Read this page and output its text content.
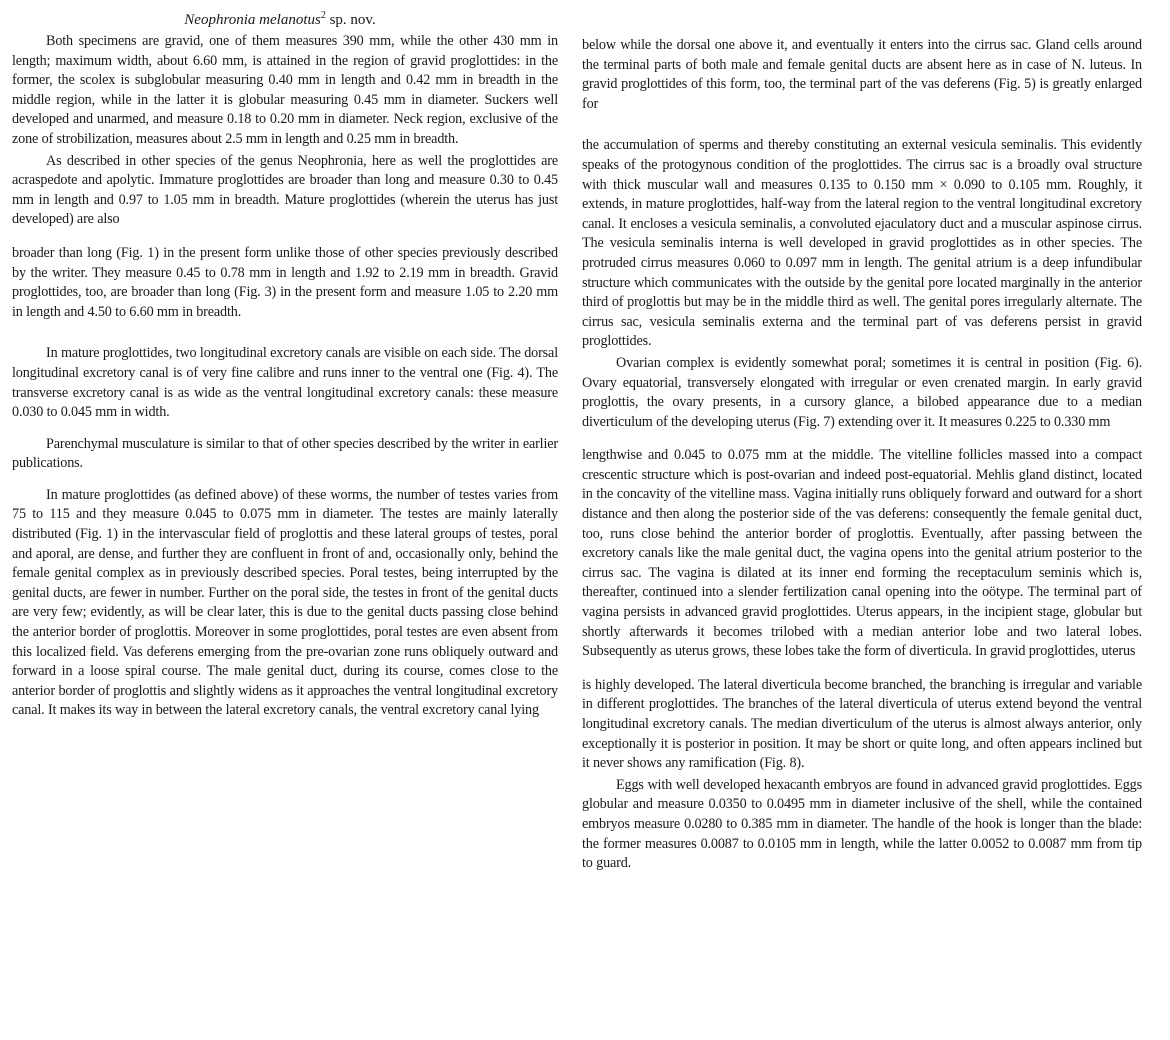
Neophronia melanotus$^2$ sp. nov.

Both specimens are gravid, one of them measures 390 mm, while the other 430 mm in length; maximum width, about 6.60 mm, is attained in the region of gravid proglottides: in the former, the scolex is subglobular measuring 0.40 mm in length and 0.42 mm in breadth in the middle region, while in the latter it is globular measuring 0.45 mm in diameter. Suckers well developed and unarmed, and measure 0.18 to 0.20 mm in diameter. Neck region, exclusive of the zone of strobilization, measures about 2.5 mm in length and 0.25 mm in breadth.

As described in other species of the genus Neophronia, here as well the proglottides are acraspedote and apolytic. Immature proglottides are broader than long and measure 0.30 to 0.45 mm in length and 0.97 to 1.05 mm in breadth. Mature proglottides (wherein the uterus has just developed) are also

broader than long (Fig. 1) in the present form unlike those of other species previously described by the writer. They measure 0.45 to 0.78 mm in length and 1.92 to 2.19 mm in breadth. Gravid proglottides, too, are broader than long (Fig. 3) in the present form and measure 1.05 to 2.20 mm in length and 4.50 to 6.60 mm in breadth.

In mature proglottides, two longitudinal excretory canals are visible on each side. The dorsal longitudinal excretory canal is of very fine calibre and runs inner to the ventral one (Fig. 4). The transverse excretory canal is as wide as the ventral longitudinal excretory canals: these measure 0.030 to 0.045 mm in width.

Parenchymal musculature is similar to that of other species described by the writer in earlier publications.

In mature proglottides (as defined above) of these worms, the number of testes varies from 75 to 115 and they measure 0.045 to 0.075 mm in diameter. The testes are mainly laterally distributed (Fig. 1) in the intervascular field of proglottis and these lateral groups of testes, poral and aporal, are dense, and further they are confluent in front of and, occasionally only, behind the female genital complex as in previously described species. Poral testes, being interrupted by the genital ducts, are fewer in number. Further on the poral side, the testes in front of the genital ducts are very few; evidently, as will be clear later, this is due to the genital ducts passing close behind the anterior border of proglottis. Moreover in some proglottides, poral testes are even absent from this localized field. Vas deferens emerging from the pre-ovarian zone runs obliquely outward and forward in a loose spiral course. The male genital duct, during its course, comes close to the anterior border of proglottis and slightly widens as it approaches the ventral longitudinal excretory canal. It makes its way in between the lateral excretory canals, the ventral excretory canal lying

below while the dorsal one above it, and eventually it enters into the cirrus sac. Gland cells around the terminal parts of both male and female genital ducts are absent here as in case of N. luteus. In gravid proglottides of this form, too, the terminal part of the vas deferens (Fig. 5) is greatly enlarged for

the accumulation of sperms and thereby constituting an external vesicula seminalis. This evidently speaks of the protogynous condition of the proglottides. The cirrus sac is a broadly oval structure with thick muscular wall and measures 0.135 to 0.150 mm × 0.090 to 0.105 mm. Roughly, it extends, in mature proglottides, half-way from the lateral region to the ventral longitudinal excretory canal. It encloses a vesicula seminalis, a convoluted ejaculatory duct and a muscular aspinose cirrus. The vesicula seminalis interna is well developed in gravid proglottides as in other species. The protruded cirrus measures 0.060 to 0.097 mm in length. The genital atrium is a deep infundibular structure which communicates with the outside by the genital pore located marginally in the anterior third of proglottis but may be in the middle third as well. The genital pores irregularly alternate. The cirrus sac, vesicula seminalis externa and the terminal part of vas deferens persist in gravid proglottides.

Ovarian complex is evidently somewhat poral; sometimes it is central in position (Fig. 6). Ovary equatorial, transversely elongated with irregular or even crenated margin. In early gravid proglottis, the ovary presents, in a cursory glance, a bilobed appearance due to a median diverticulum of the developing uterus (Fig. 7) extending over it. It measures 0.225 to 0.330 mm

lengthwise and 0.045 to 0.075 mm at the middle. The vitelline follicles massed into a compact crescentic structure which is post-ovarian and indeed post-equatorial. Mehlis gland distinct, located in the concavity of the vitelline mass. Vagina initially runs obliquely forward and outward for a short distance and then along the posterior side of the vas deferens: consequently the female genital duct, too, runs close behind the anterior border of proglottis. Eventually, after passing between the excretory canals like the male genital duct, the vagina opens into the genital atrium posterior to the cirrus sac. The vagina is dilated at its inner end forming the receptaculum seminis which is, thereafter, continued into a slender fertilization canal opening into the oötype. The terminal part of vagina persists in advanced gravid proglottides. Uterus appears, in the incipient stage, globular but shortly afterwards it becomes trilobed with a median anterior lobe and two lateral lobes. Subsequently as uterus grows, these lobes take the form of diverticula. In gravid proglottides, uterus

is highly developed. The lateral diverticula become branched, the branching is irregular and variable in different proglottides. The branches of the lateral diverticula of uterus extend beyond the ventral longitudinal excretory canals. The median diverticulum of the uterus is almost always anterior, only exceptionally it is posterior in position. It may be short or quite long, and often appears inclined but it never shows any ramification (Fig. 8).

Eggs with well developed hexacanth embryos are found in advanced gravid proglottides. Eggs globular and measure 0.0350 to 0.0495 mm in diameter inclusive of the shell, while the contained embryos measure 0.0280 to 0.385 mm in diameter. The handle of the hook is longer than the blade: the former measures 0.0087 to 0.0105 mm in length, while the latter 0.0052 to 0.0087 mm from tip to guard.
